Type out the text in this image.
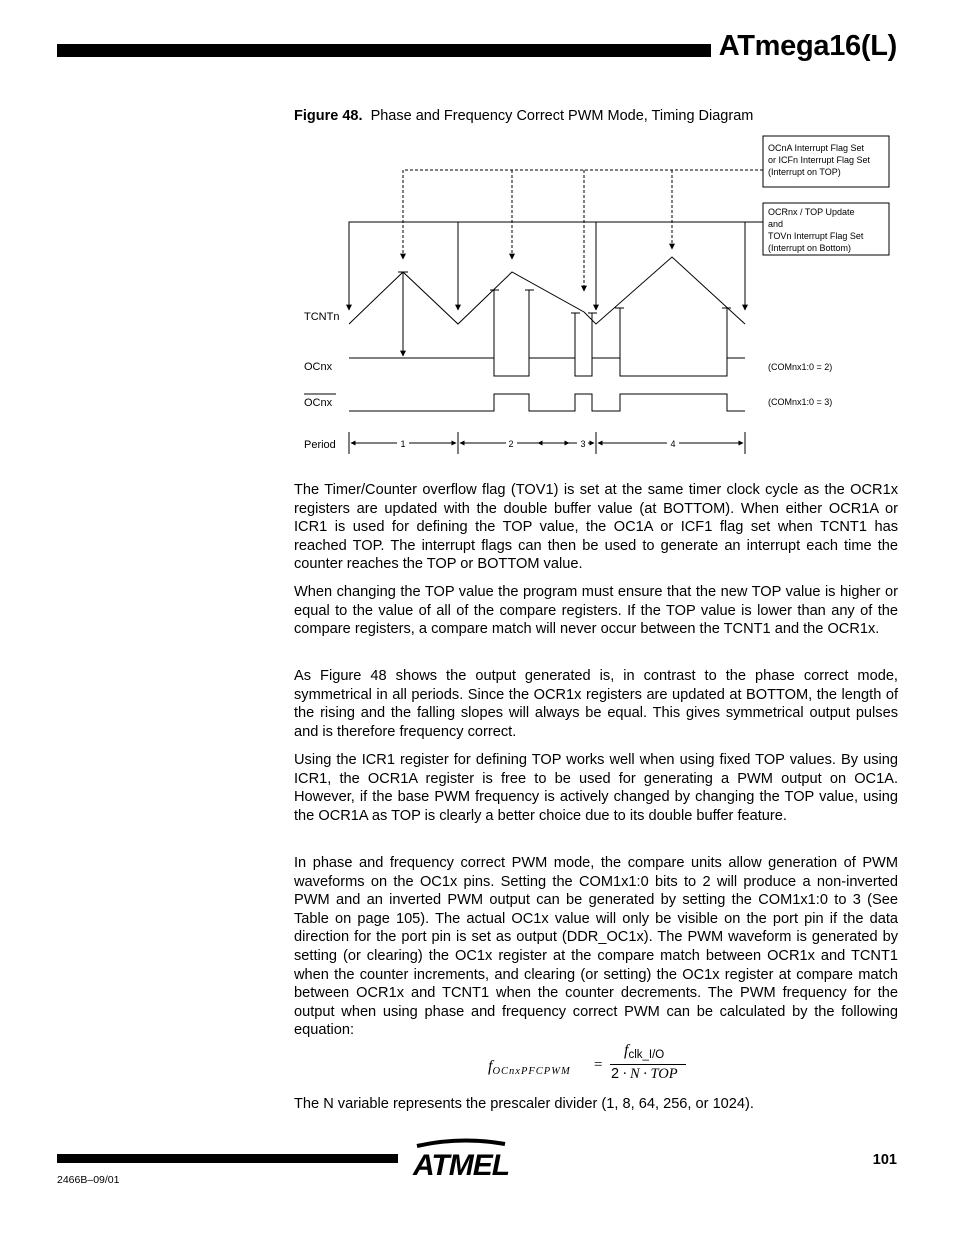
ATmega16(L)
Figure 48. Phase and Frequency Correct PWM Mode, Timing Diagram
OCnA Interrupt Flag Set
or ICFn Interrupt Flag Set
(Interrupt on TOP)
OCRnx / TOP Update
and
TOVn Interrupt Flag Set
(Interrupt on Bottom)
TCNTn
OCnx
OCnx
Period
(COMnx1:0 = 2)
(COMnx1:0 = 3)
1	2	3	4

The Timer/Counter overflow flag (TOV1) is set at the same timer clock cycle as the OCR1x registers are updated with the double buffer value (at BOTTOM). When either OCR1A or ICR1 is used for defining the TOP value, the OC1A or ICF1 flag set when TCNT1 has reached TOP. The interrupt flags can then be used to generate an interrupt each time the counter reaches the TOP or BOTTOM value.

When changing the TOP value the program must ensure that the new TOP value is higher or equal to the value of all of the compare registers. If the TOP value is lower than any of the compare registers, a compare match will never occur between the TCNT1 and the OCR1x.

As Figure 48 shows the output generated is, in contrast to the phase correct mode, symmetrical in all periods. Since the OCR1x registers are updated at BOTTOM, the length of the rising and the falling slopes will always be equal. This gives symmetrical output pulses and is therefore frequency correct.

Using the ICR1 register for defining TOP works well when using fixed TOP values. By using ICR1, the OCR1A register is free to be used for generating a PWM output on OC1A. However, if the base PWM frequency is actively changed by changing the TOP value, using the OCR1A as TOP is clearly a better choice due to its double buffer feature.

In phase and frequency correct PWM mode, the compare units allow generation of PWM waveforms on the OC1x pins. Setting the COM1x1:0 bits to 2 will produce a non-inverted PWM and an inverted PWM output can be generated by setting the COM1x1:0 to 3 (See Table on page 105). The actual OC1x value will only be visible on the port pin if the data direction for the port pin is set as output (DDR_OC1x). The PWM waveform is generated by setting (or clearing) the OC1x register at the compare match between OCR1x and TCNT1 when the counter increments, and clearing (or setting) the OC1x register at compare match between OCR1x and TCNT1 when the counter decrements. The PWM frequency for the output when using phase and frequency correct PWM can be calculated by the following equation:

$f_{OCnxPFCPWM}$ =
$f_{clk\_I/O}$
2 · N · TOP

The N variable represents the prescaler divider (1, 8, 64, 256, or 1024).

ATMEL	101
2466B–09/01
